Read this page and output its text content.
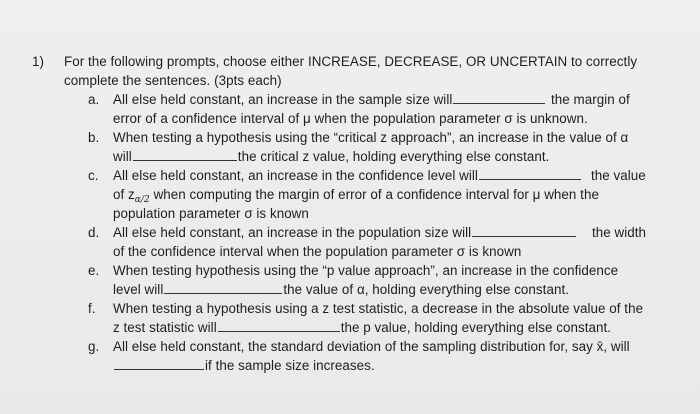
1) For the following prompts, choose either INCREASE, DECREASE, OR UNCERTAIN to correctly
complete the sentences. (3pts each)
a. All else held constant, an increase in the sample size will	the margin of
error of a confidence interval of μ when the population parameter σ is unknown.
b. When testing a hypothesis using the “critical z approach”, an increase in the value of α
will	the critical z value, holding everything else constant.
c. All else held constant, an increase in the confidence level will	the value
of $z_{\alpha/2}$ when computing the margin of error of a confidence interval for μ when the
population parameter σ is known
d. All else held constant, an increase in the population size will	the width
of the confidence interval when the population parameter σ is known
e. When testing hypothesis using the “p value approach”, an increase in the confidence
level will	the value of α, holding everything else constant.
f. When testing a hypothesis using a z test statistic, a decrease in the absolute value of the
z test statistic will	the p value, holding everything else constant.
g. All else held constant, the standard deviation of the sampling distribution for, say x̄, will
if the sample size increases.
